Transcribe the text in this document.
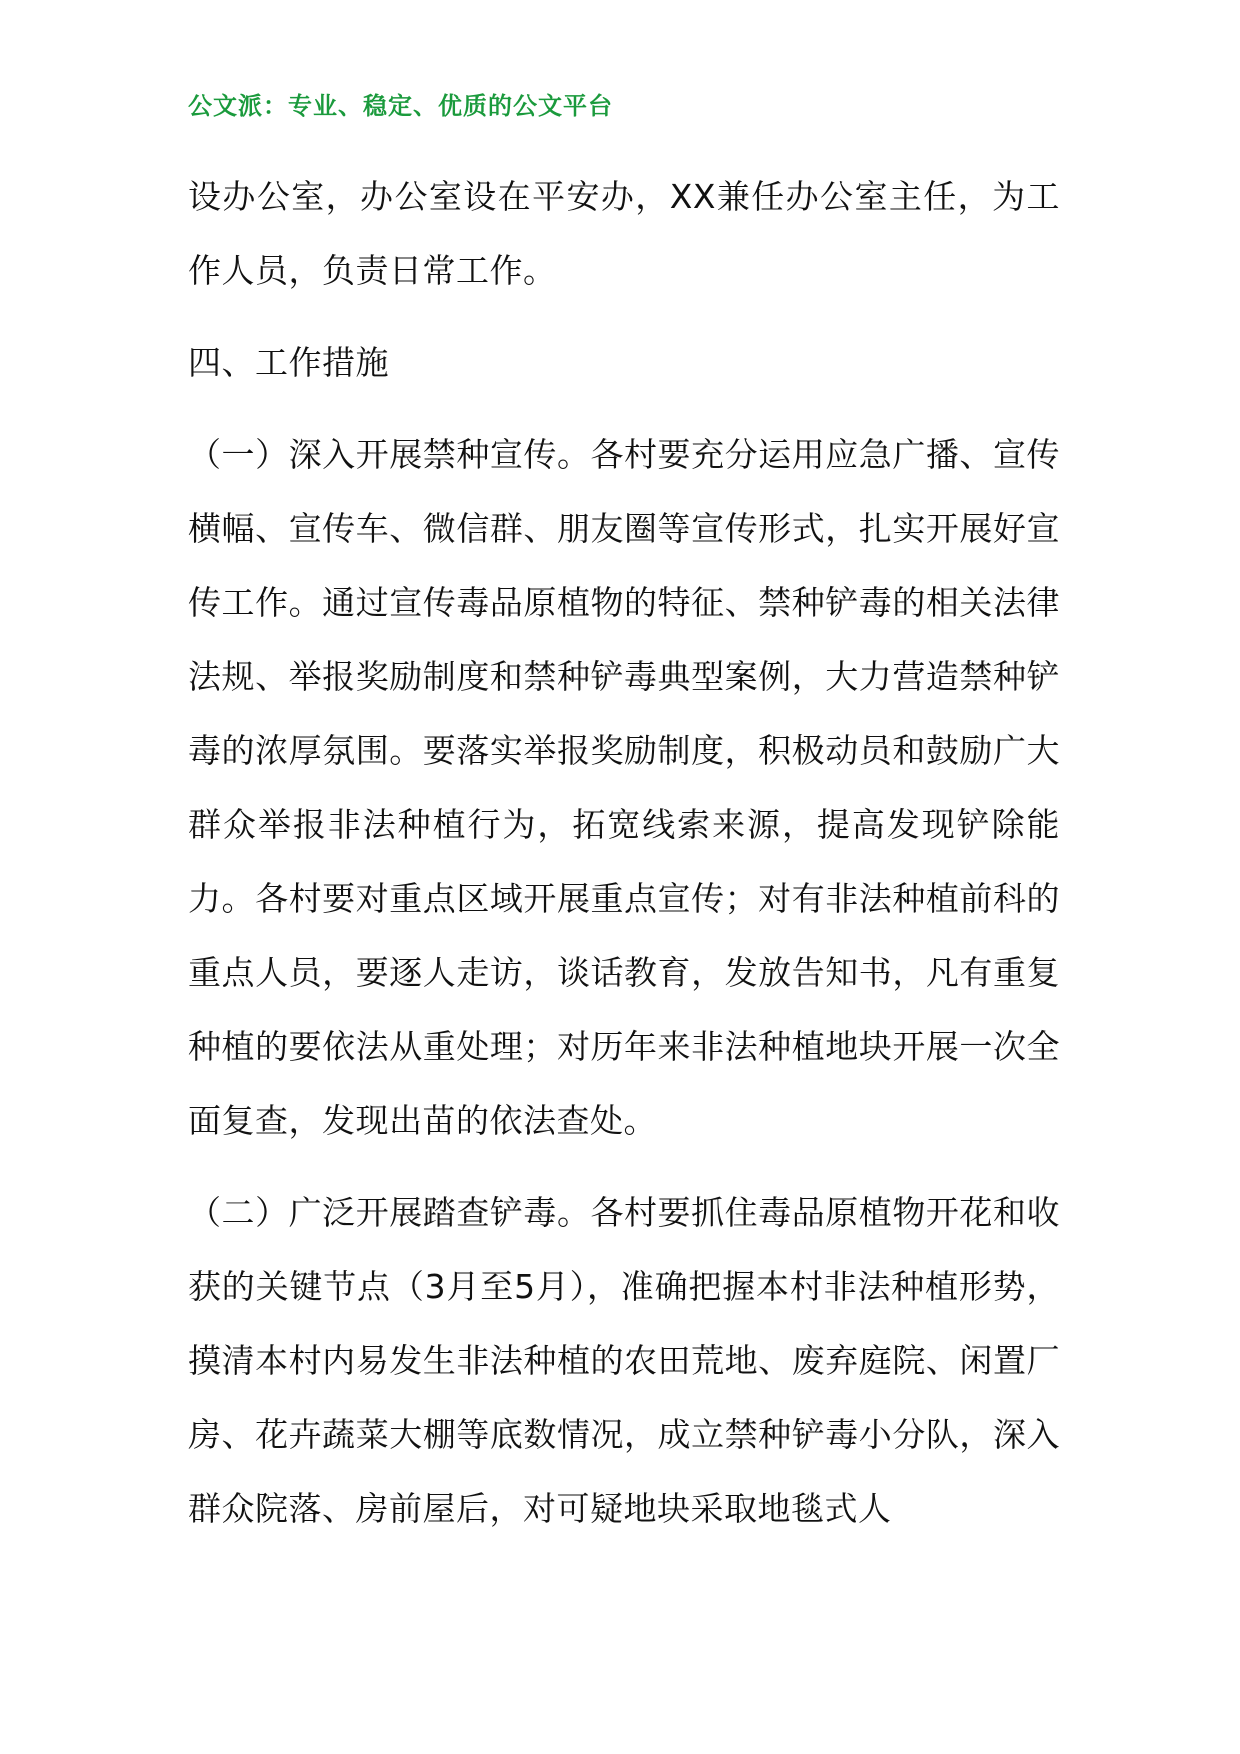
公文派：专业、稳定、优质的公文平台

设办公室，办公室设在平安办，XX兼任办公室主任，为工作人员，负责日常工作。

四、工作措施

（一）深入开展禁种宣传。各村要充分运用应急广播、宣传横幅、宣传车、微信群、朋友圈等宣传形式，扎实开展好宣传工作。通过宣传毒品原植物的特征、禁种铲毒的相关法律法规、举报奖励制度和禁种铲毒典型案例，大力营造禁种铲毒的浓厚氛围。要落实举报奖励制度，积极动员和鼓励广大群众举报非法种植行为，拓宽线索来源，提高发现铲除能力。各村要对重点区域开展重点宣传；对有非法种植前科的重点人员，要逐人走访，谈话教育，发放告知书，凡有重复种植的要依法从重处理；对历年来非法种植地块开展一次全面复查，发现出苗的依法查处。

（二）广泛开展踏查铲毒。各村要抓住毒品原植物开花和收获的关键节点（3月至5月），准确把握本村非法种植形势，摸清本村内易发生非法种植的农田荒地、废弃庭院、闲置厂房、花卉蔬菜大棚等底数情况，成立禁种铲毒小分队，深入群众院落、房前屋后，对可疑地块采取地毯式人
